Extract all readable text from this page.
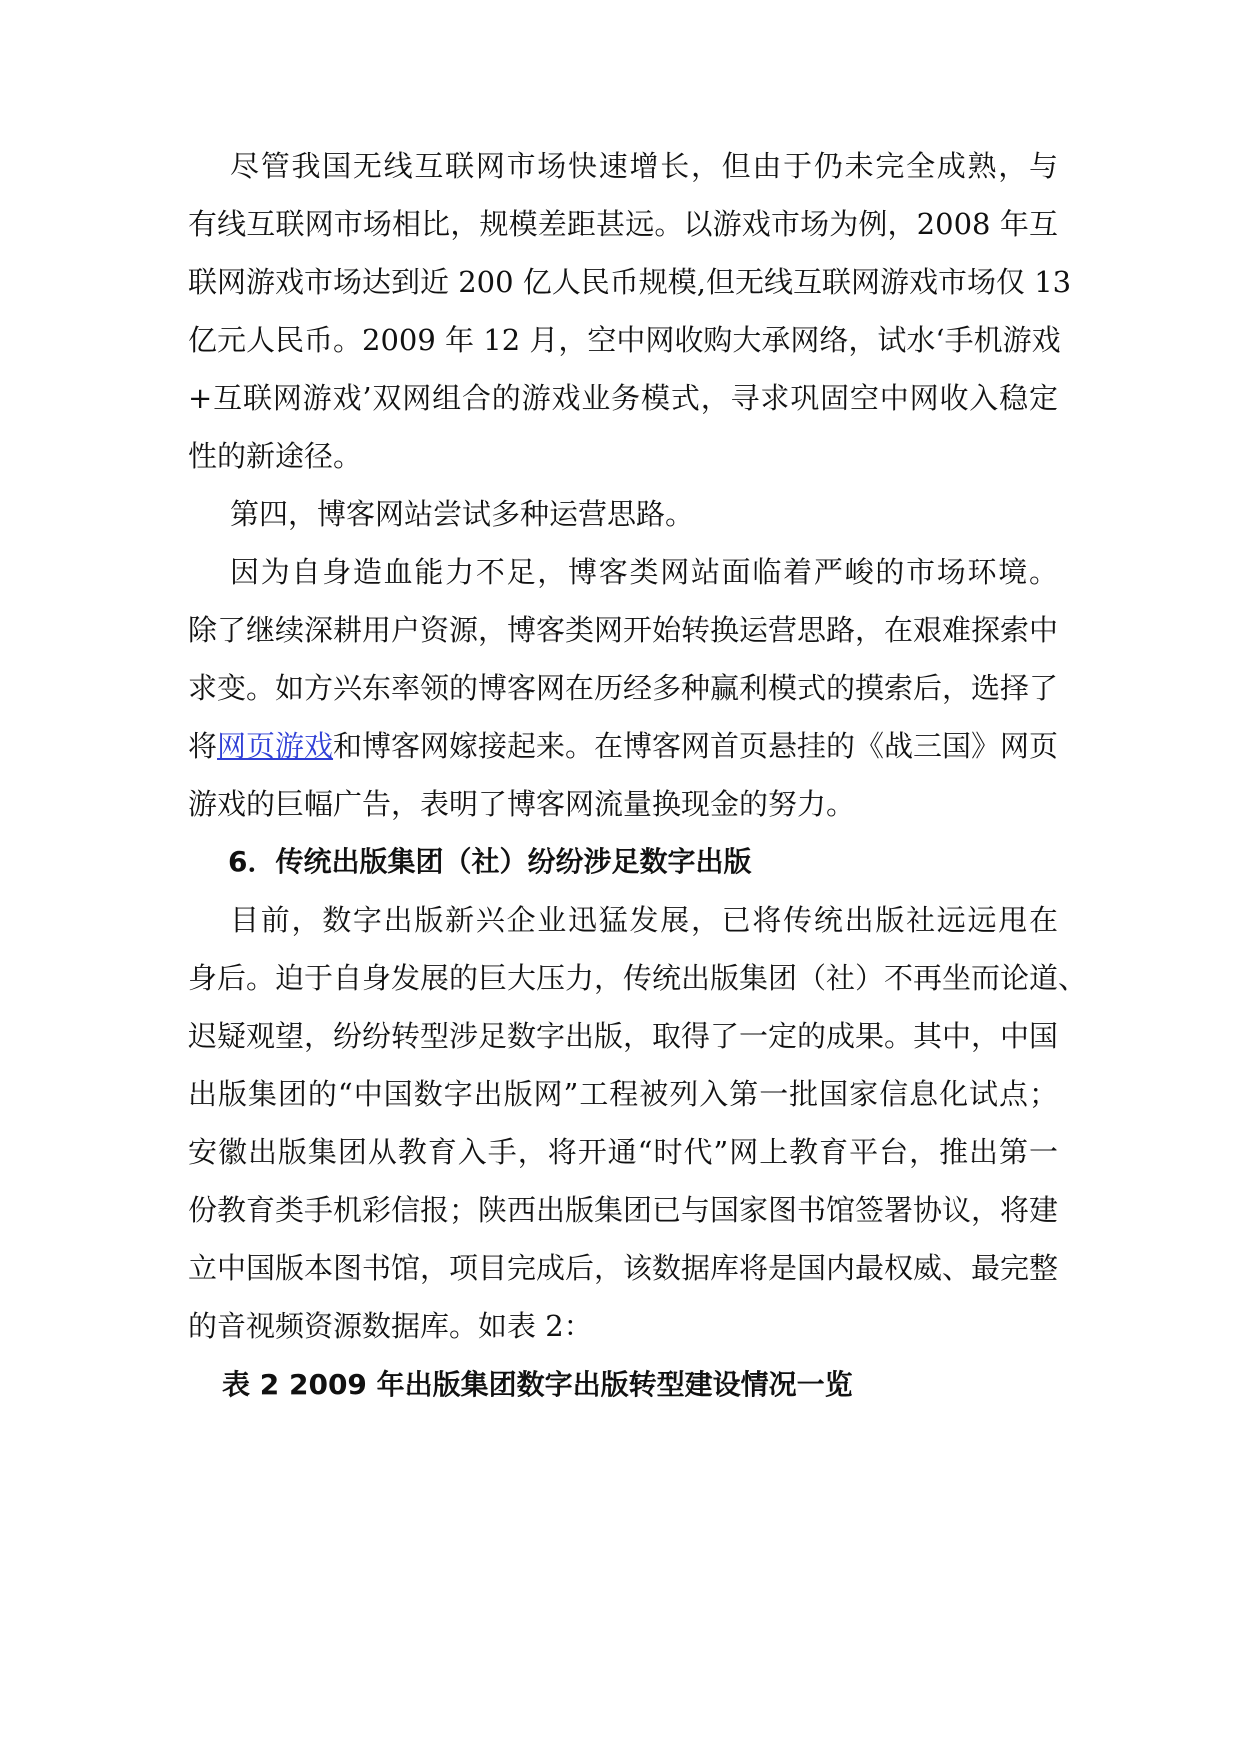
尽管我国无线互联网市场快速增长，但由于仍未完全成熟，与
有线互联网市场相比，规模差距甚远。以游戏市场为例，2008 年互
联网游戏市场达到近 200 亿人民币规模,但无线互联网游戏市场仅 13
亿元人民币。2009 年 12 月，空中网收购大承网络，试水‘手机游戏
+互联网游戏’双网组合的游戏业务模式，寻求巩固空中网收入稳定
性的新途径。
第四，博客网站尝试多种运营思路。
因为自身造血能力不足，博客类网站面临着严峻的市场环境。
除了继续深耕用户资源，博客类网开始转换运营思路，在艰难探索中
求变。如方兴东率领的博客网在历经多种赢利模式的摸索后，选择了
将网页游戏和博客网嫁接起来。在博客网首页悬挂的《战三国》网页
游戏的巨幅广告，表明了博客网流量换现金的努力。
6．传统出版集团（社）纷纷涉足数字出版
目前，数字出版新兴企业迅猛发展，已将传统出版社远远甩在
身后。迫于自身发展的巨大压力，传统出版集团（社）不再坐而论道、
迟疑观望，纷纷转型涉足数字出版，取得了一定的成果。其中，中国
出版集团的“中国数字出版网”工程被列入第一批国家信息化试点；
安徽出版集团从教育入手，将开通“时代”网上教育平台，推出第一
份教育类手机彩信报；陕西出版集团已与国家图书馆签署协议，将建
立中国版本图书馆，项目完成后，该数据库将是国内最权威、最完整
的音视频资源数据库。如表 2：
表 2 2009 年出版集团数字出版转型建设情况一览
